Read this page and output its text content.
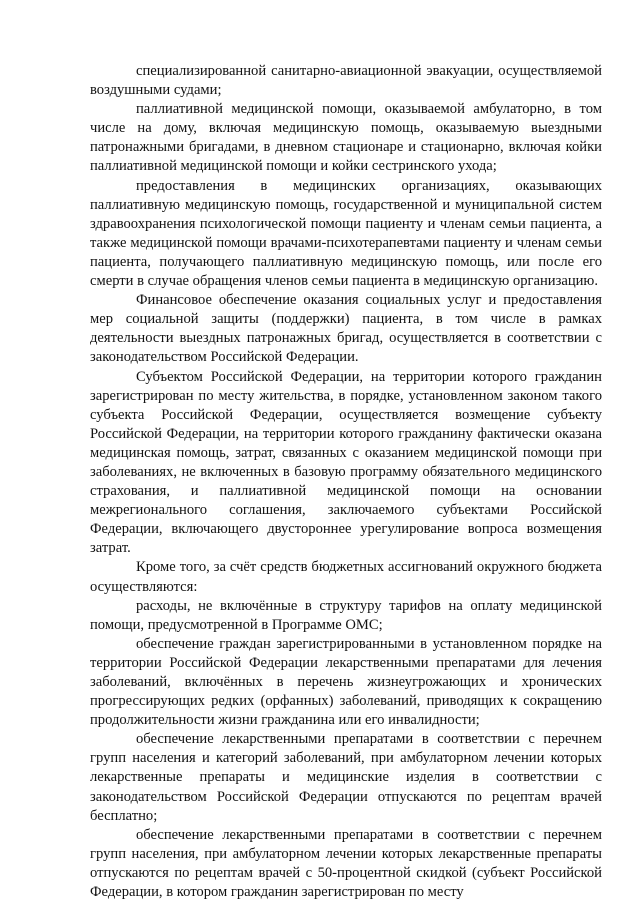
специализированной санитарно-авиационной эвакуации, осуществляемой воздушными судами;

паллиативной медицинской помощи, оказываемой амбулаторно, в том числе на дому, включая медицинскую помощь, оказываемую выездными патронажными бригадами, в дневном стационаре и стационарно, включая койки паллиативной медицинской помощи и койки сестринского ухода;

предоставления в медицинских организациях, оказывающих паллиативную медицинскую помощь, государственной и муниципальной систем здравоохранения психологической помощи пациенту и членам семьи пациента, а также медицинской помощи врачами-психотерапевтами пациенту и членам семьи пациента, получающего паллиативную медицинскую помощь, или после его смерти в случае обращения членов семьи пациента в медицинскую организацию.

Финансовое обеспечение оказания социальных услуг и предоставления мер социальной защиты (поддержки) пациента, в том числе в рамках деятельности выездных патронажных бригад, осуществляется в соответствии с законодательством Российской Федерации.

Субъектом Российской Федерации, на территории которого гражданин зарегистрирован по месту жительства, в порядке, установленном законом такого субъекта Российской Федерации, осуществляется возмещение субъекту Российской Федерации, на территории которого гражданину фактически оказана медицинская помощь, затрат, связанных с оказанием медицинской помощи при заболеваниях, не включенных в базовую программу обязательного медицинского страхования, и паллиативной медицинской помощи на основании межрегионального соглашения, заключаемого субъектами Российской Федерации, включающего двустороннее урегулирование вопроса возмещения затрат.

Кроме того, за счёт средств бюджетных ассигнований окружного бюджета осуществляются:

расходы, не включённые в структуру тарифов на оплату медицинской помощи, предусмотренной в Программе ОМС;

обеспечение граждан зарегистрированными в установленном порядке на территории Российской Федерации лекарственными препаратами для лечения заболеваний, включённых в перечень жизнеугрожающих и хронических прогрессирующих редких (орфанных) заболеваний, приводящих к сокращению продолжительности жизни гражданина или его инвалидности;

обеспечение лекарственными препаратами в соответствии с перечнем групп населения и категорий заболеваний, при амбулаторном лечении которых лекарственные препараты и медицинские изделия в соответствии с законодательством Российской Федерации отпускаются по рецептам врачей бесплатно;

обеспечение лекарственными препаратами в соответствии с перечнем групп населения, при амбулаторном лечении которых лекарственные препараты отпускаются по рецептам врачей с 50-процентной скидкой (субъект Российской Федерации, в котором гражданин зарегистрирован по месту
